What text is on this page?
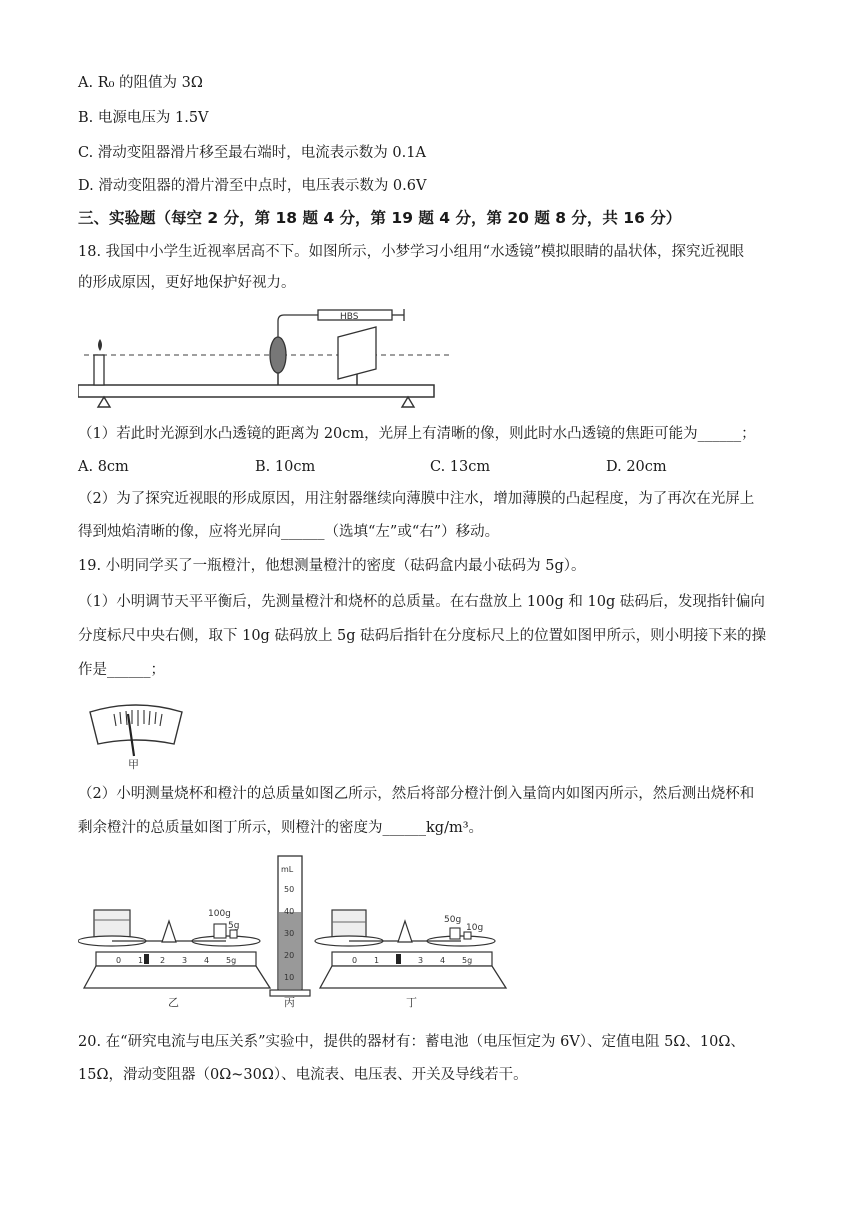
A. R₀ 的阻值为 3Ω
B. 电源电压为 1.5V
C. 滑动变阻器滑片移至最右端时，电流表示数为 0.1A
D. 滑动变阻器的滑片滑至中点时，电压表示数为 0.6V
三、实验题（每空 2 分，第 18 题 4 分，第 19 题 4 分，第 20 题 8 分，共 16 分）
18. 我国中小学生近视率居高不下。如图所示，小梦学习小组用“水透镜”模拟眼睛的晶状体，探究近视眼
的形成原因，更好地保护好视力。
HBS
（1）若此时光源到水凸透镜的距离为 20cm，光屏上有清晰的像，则此时水凸透镜的焦距可能为______；
A. 8cm	B. 10cm	C. 13cm	D. 20cm
（2）为了探究近视眼的形成原因，用注射器继续向薄膜中注水，增加薄膜的凸起程度，为了再次在光屏上
得到烛焰清晰的像，应将光屏向______（选填“左”或“右”）移动。
19. 小明同学买了一瓶橙汁，他想测量橙汁的密度（砝码盒内最小砝码为 5g）。
（1）小明调节天平平衡后，先测量橙汁和烧杯的总质量。在右盘放上 100g 和 10g 砝码后，发现指针偏向
分度标尺中央右侧，取下 10g 砝码放上 5g 砝码后指针在分度标尺上的位置如图甲所示，则小明接下来的操
作是______；
甲
（2）小明测量烧杯和橙汁的总质量如图乙所示，然后将部分橙汁倒入量筒内如图丙所示，然后测出烧杯和
剩余橙汁的总质量如图丁所示，则橙汁的密度为______kg/m³。
100g
5g
0 1 2 3 4 5g
乙
mL
50
40
30
20
10
丙
50g
10g
0 1	3 4 5g
丁
20. 在“研究电流与电压关系”实验中，提供的器材有：蓄电池（电压恒定为 6V）、定值电阻 5Ω、10Ω、
15Ω，滑动变阻器（0Ω~30Ω）、电流表、电压表、开关及导线若干。
